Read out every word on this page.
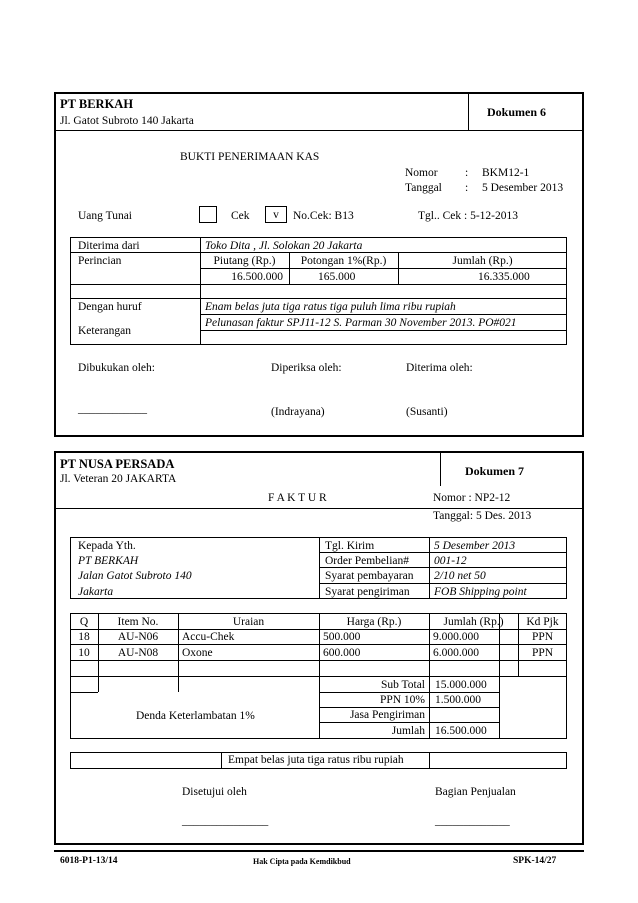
PT BERKAH
Jl. Gatot Subroto 140 Jakarta
Dokumen 6
BUKTI PENERIMAAN KAS
Nomor : BKM12-1
Tanggal : 5 Desember 2013
Uang Tunai	Cek	v	No.Cek: B13	Tgl.. Cek : 5-12-2013
Diterima dari	Toko Dita , Jl. Solokan 20 Jakarta
Perincian	Piutang (Rp.)	Potongan 1%(Rp.)	Jumlah (Rp.)
16.500.000	165.000	16.335.000
Dengan huruf	Enam belas juta tiga ratus tiga puluh lima ribu rupiah
Keterangan
Pelunasan faktur SPJ11-12 S. Parman 30 November 2013. PO#021
Dibukukan oleh:	Diperiksa oleh:	Diterima oleh:
____________	(Indrayana)	(Susanti)
PT NUSA PERSADA
Jl. Veteran 20 JAKARTA
Dokumen 7
F A K T U R	Nomor : NP2-12
Tanggal: 5 Des. 2013
Kepada Yth.
PT BERKAH
Jalan Gatot Subroto 140
Jakarta
Tgl. Kirim	5 Desember 2013
Order Pembelian# 001-12
Syarat pembayaran 2/10 net 50
Syarat pengiriman FOB Shipping point
Q	Item No.	Uraian	Harga (Rp.)	Jumlah (Rp.)	Kd Pjk
18	AU-N06	Accu-Chek	500.000	9.000.000	PPN
10	AU-N08	Oxone	600.000	6.000.000	PPN
Sub Total 15.000.000
PPN 10% 1.500.000
Jasa Pengiriman
Jumlah 16.500.000
Denda Keterlambatan 1%
Empat belas juta tiga ratus ribu rupiah
Disetujui oleh	Bagian Penjualan
_______________	_____________
6018-P1-13/14	Hak Cipta pada Kemdikbud	SPK-14/27
